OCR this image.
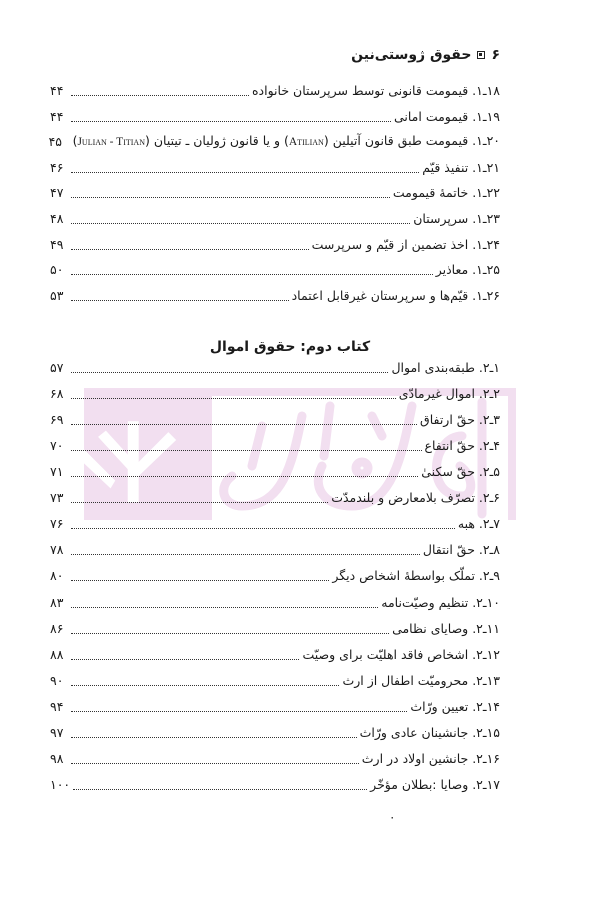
۶
حقوق ژوستی‌نین
۱۸ـ۱. قیمومت قانونی توسط سرپرستان خانواده
۴۴
۱۹ـ۱. قیمومت امانی
۴۴
۲۰ـ۱. قیمومت طبق قانون آتیلین (Atilian) و یا قانون ژولیان ـ تیتیان (Julian - Titian)
۴۵
۲۱ـ۱. تنفیذ قیّم
۴۶
۲۲ـ۱. خاتمهٔ قیمومت
۴۷
۲۳ـ۱. سرپرستان
۴۸
۲۴ـ۱. اخذ تضمین از قیّم و سرپرست
۴۹
۲۵ـ۱. معاذیر
۵۰
۲۶ـ۱. قیّم‌ها و سرپرستان غیرقابل اعتماد
۵۳
کتاب دوم: حقوق اموال
۱ـ۲. طبقه‌بندی اموال
۵۷
۲ـ۲. اموال غیرمادّی
۶۸
۳ـ۲. حقّ ارتفاق
۶۹
۴ـ۲. حقّ انتفاع
۷۰
۵ـ۲. حقّ سکنیٰ
۷۱
۶ـ۲. تصرّف بلامعارض و بلندمدّت
۷۳
۷ـ۲. هبه
۷۶
۸ـ۲. حقّ انتقال
۷۸
۹ـ۲. تملّک بواسطهٔ اشخاص دیگر
۸۰
۱۰ـ۲. تنظیم وصیّت‌نامه
۸۳
۱۱ـ۲. وصایای نظامی
۸۶
۱۲ـ۲. اشخاص فاقد اهلیّت برای وصیّت
۸۸
۱۳ـ۲. محرومیّت اطفال از ارث
۹۰
۱۴ـ۲. تعیین ورّاث
۹۴
۱۵ـ۲. جانشینان عادی ورّاث
۹۷
۱۶ـ۲. جانشین اولاد در ارث
۹۸
۱۷ـ۲. وصایا :بطلان مؤخّر
۱۰۰
۰
